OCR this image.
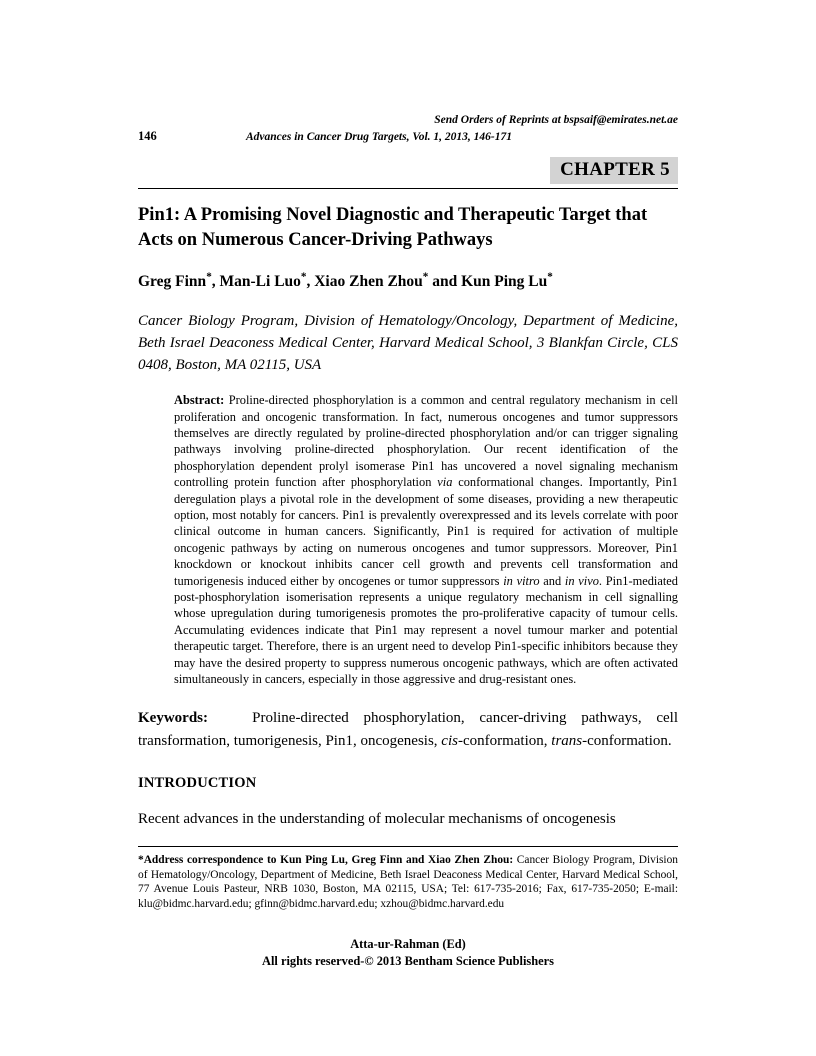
Send Orders of Reprints at bspsaif@emirates.net.ae
146	Advances in Cancer Drug Targets, Vol. 1, 2013, 146-171
CHAPTER 5
Pin1: A Promising Novel Diagnostic and Therapeutic Target that Acts on Numerous Cancer-Driving Pathways
Greg Finn*, Man-Li Luo*, Xiao Zhen Zhou* and Kun Ping Lu*
Cancer Biology Program, Division of Hematology/Oncology, Department of Medicine, Beth Israel Deaconess Medical Center, Harvard Medical School, 3 Blankfan Circle, CLS 0408, Boston, MA 02115, USA
Abstract: Proline-directed phosphorylation is a common and central regulatory mechanism in cell proliferation and oncogenic transformation. In fact, numerous oncogenes and tumor suppressors themselves are directly regulated by proline-directed phosphorylation and/or can trigger signaling pathways involving proline-directed phosphorylation. Our recent identification of the phosphorylation dependent prolyl isomerase Pin1 has uncovered a novel signaling mechanism controlling protein function after phosphorylation via conformational changes. Importantly, Pin1 deregulation plays a pivotal role in the development of some diseases, providing a new therapeutic option, most notably for cancers. Pin1 is prevalently overexpressed and its levels correlate with poor clinical outcome in human cancers. Significantly, Pin1 is required for activation of multiple oncogenic pathways by acting on numerous oncogenes and tumor suppressors. Moreover, Pin1 knockdown or knockout inhibits cancer cell growth and prevents cell transformation and tumorigenesis induced either by oncogenes or tumor suppressors in vitro and in vivo. Pin1-mediated post-phosphorylation isomerisation represents a unique regulatory mechanism in cell signalling whose upregulation during tumorigenesis promotes the pro-proliferative capacity of tumour cells. Accumulating evidences indicate that Pin1 may represent a novel tumour marker and potential therapeutic target. Therefore, there is an urgent need to develop Pin1-specific inhibitors because they may have the desired property to suppress numerous oncogenic pathways, which are often activated simultaneously in cancers, especially in those aggressive and drug-resistant ones.
Keywords:   Proline-directed phosphorylation, cancer-driving pathways, cell transformation, tumorigenesis, Pin1, oncogenesis, cis-conformation, trans-conformation.
INTRODUCTION

Recent advances in the understanding of molecular mechanisms of oncogenesis

*Address correspondence to Kun Ping Lu, Greg Finn and Xiao Zhen Zhou: Cancer Biology Program, Division of Hematology/Oncology, Department of Medicine, Beth Israel Deaconess Medical Center, Harvard Medical School, 77 Avenue Louis Pasteur, NRB 1030, Boston, MA 02115, USA; Tel: 617-735-2016; Fax, 617-735-2050; E-mail: klu@bidmc.harvard.edu; gfinn@bidmc.harvard.edu; xzhou@bidmc.harvard.edu
Atta-ur-Rahman (Ed)
All rights reserved-© 2013 Bentham Science Publishers
